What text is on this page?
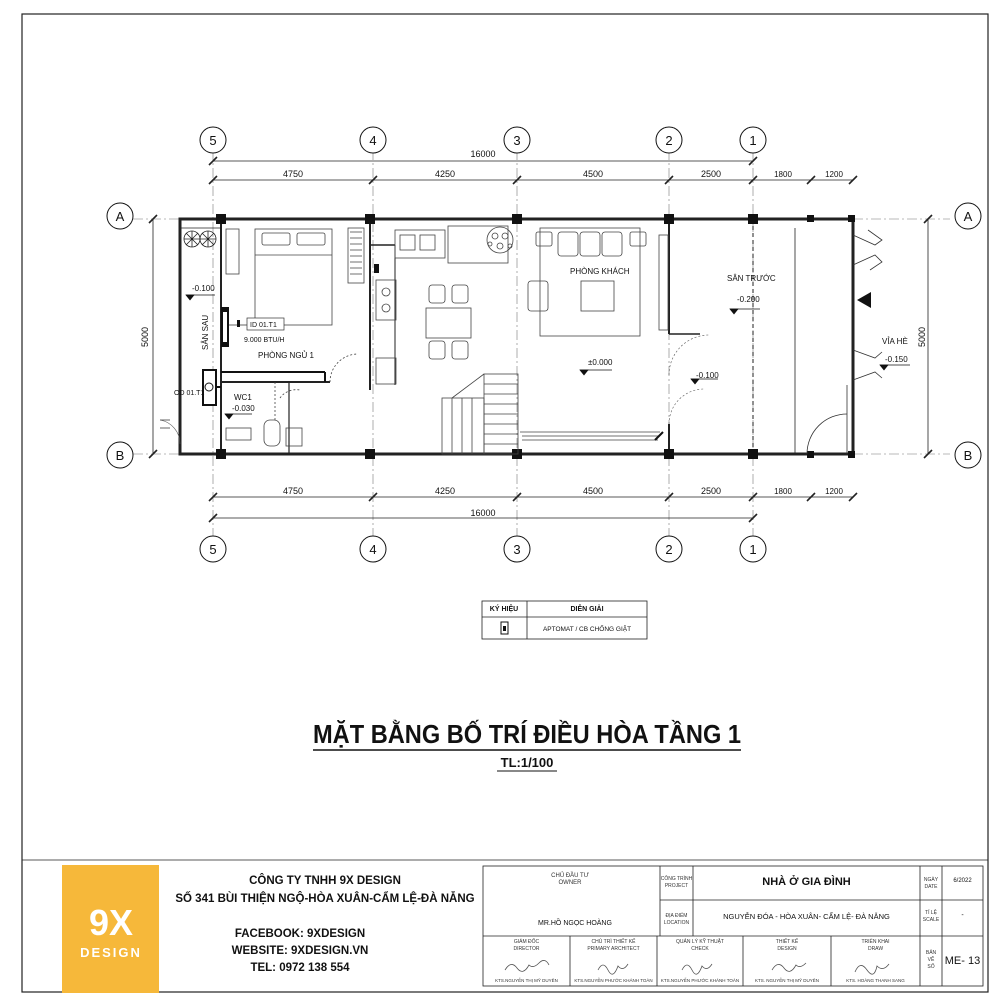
5	4	3	2	1
5	4	3	2	1
A
B
A
B
16000
4750	4250	4500	2500	1800	1200
4750	4250	4500	2500	1800	1200
16000
5000	5000
-0.100
-0.030
±0.000
-0.100
-0.200
-0.150
PHÒNG NGỦ 1
WC1
PHÒNG KHÁCH
SÂN TRƯỚC
VỈA HÈ
SÂN SAU	ID 01.T1
9.000 BTU/H
OD 01.T1
KÝ HIỆU	DIỄN GIẢI
APTOMAT / CB CHỐNG GIẬT
MẶT BẰNG BỐ TRÍ ĐIỀU HÒA TẦNG 1
TL:1/100
9X
DESIGN
CÔNG TY TNHH 9X DESIGN
SỐ 341 BÙI THIỆN NGỘ-HÒA XUÂN-CẨM LỆ-ĐÀ NẴNG
FACEBOOK: 9XDESIGN
WEBSITE: 9XDESIGN.VN
TEL: 0972 138 554
CHỦ ĐẦU TƯ
OWNER
MR.HỒ NGỌC HOÀNG
CÔNG TRÌNH
PROJECT	NHÀ Ở GIA ĐÌNH
ĐỊA ĐIỂM
LOCATION
NGUYỄN ĐÓA - HÒA XUÂN- CẨM LỆ- ĐÀ NẴNG
NGÀY
DATE
6/2022
TỈ LỆ
SCALE
-
BẢN
VẼ
SỐ ME- 13
GIÁM ĐỐC
DIRECTOR
KTS.NGUYỄN THỊ MỸ DUYÊN
CHỦ TRÌ THIẾT KẾ
PRIMARY ARCHITECT
KTS.NGUYỄN PHƯỚC KHÁNH TOÀN
QUẢN LÝ KỸ THUẬT
CHECK
KTS.NGUYỄN PHƯỚC KHÁNH TOÀN
THIẾT KẾ
DESIGN
KTS. NGUYỄN THỊ MỸ DUYÊN
TRIỂN KHAI
DRAW
KTS. HOÀNG THANH SANG
